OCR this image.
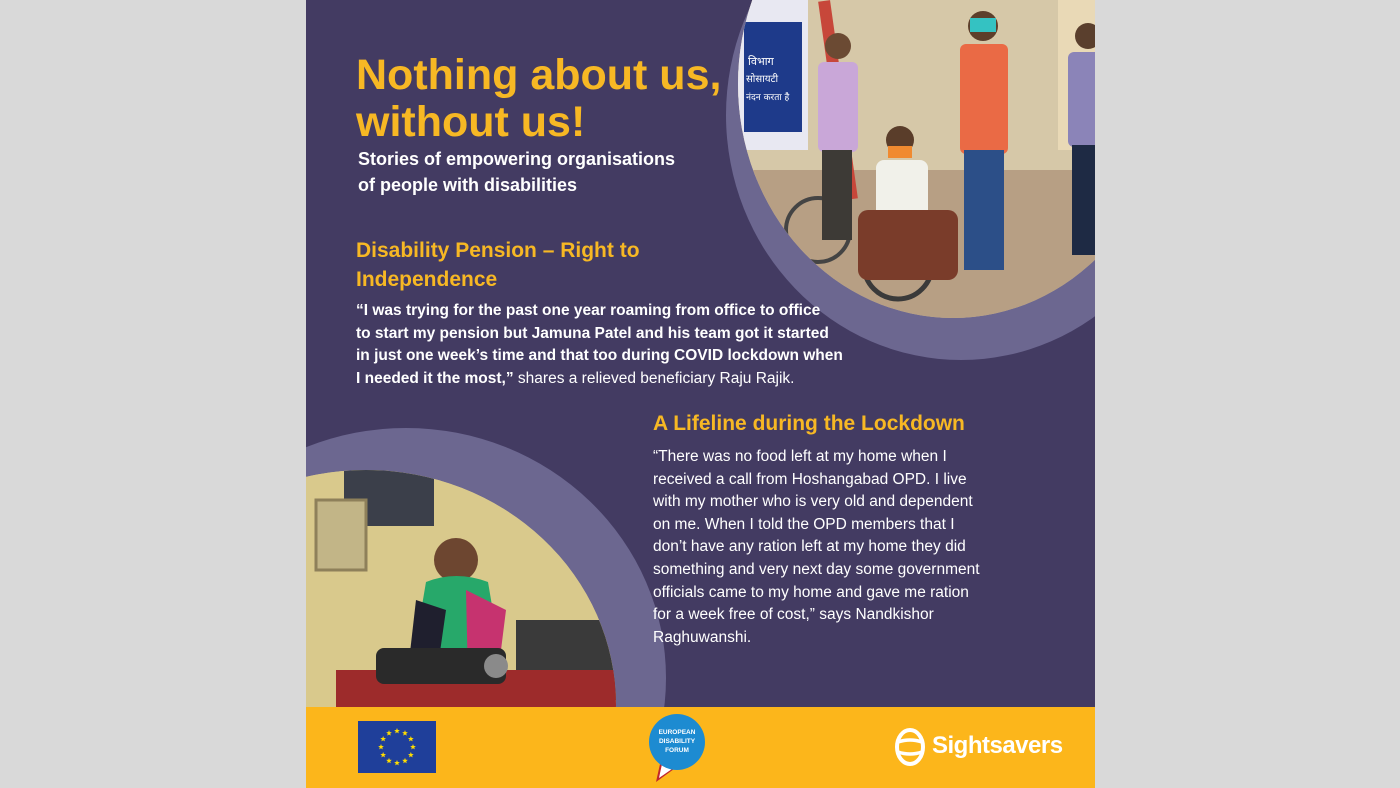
विभाग
सोसायटी
नंदन करता है
Nothing about us,
without us!

Stories of empowering organisations
of people with disabilities

Disability Pension – Right to
Independence

“I was trying for the past one year roaming from office to office
to start my pension but Jamuna Patel and his team got it started
in just one week’s time and that too during COVID lockdown when
I needed it the most,” shares a relieved beneficiary Raju Rajik.

A Lifeline during the Lockdown

“There was no food left at my home when I
received a call from Hoshangabad OPD. I live
with my mother who is very old and dependent
on me. When I told the OPD members that I
don’t have any ration left at my home they did
something and very next day some government
officials came to my home and gave me ration
for a week free of cost,” says Nandkishor
Raghuwanshi.

EUROPEAN
DISABILITY
FORUM	Sightsavers
